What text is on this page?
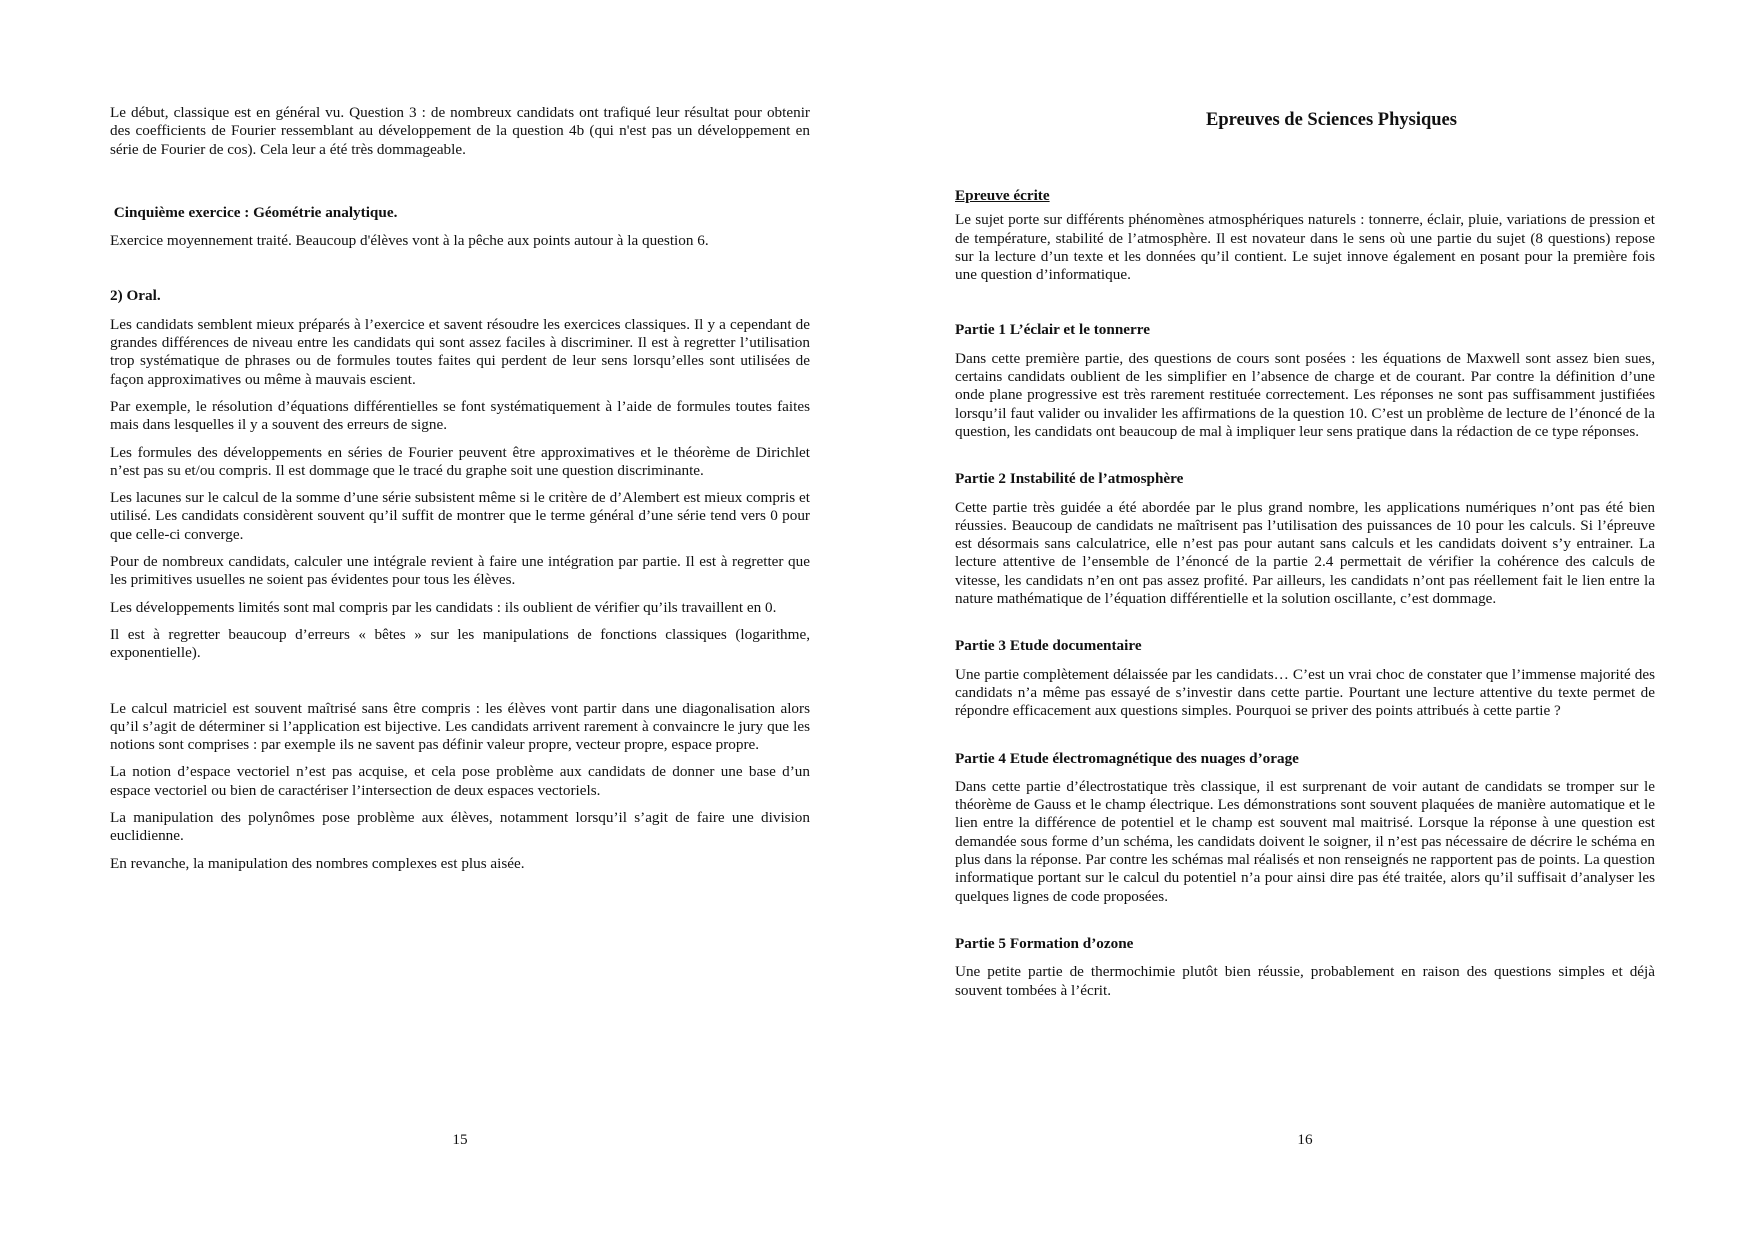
Le début, classique est en général vu. Question 3 : de nombreux candidats ont trafiqué leur résultat pour obtenir des coefficients de Fourier ressemblant au développement de la question 4b (qui n'est pas un développement en série de Fourier de cos). Cela leur a été très dommageable.

Cinquième exercice : Géométrie analytique.

Exercice moyennement traité. Beaucoup d'élèves vont à la pêche aux points autour à la question 6.

2) Oral.

Les candidats semblent mieux préparés à l’exercice et savent résoudre les exercices classiques. Il y a cependant de grandes différences de niveau entre les candidats qui sont assez faciles à discriminer. Il est à regretter l’utilisation trop systématique de phrases ou de formules toutes faites qui perdent de leur sens lorsqu’elles sont utilisées de façon approximatives ou même à mauvais escient.

Par exemple, le résolution d’équations différentielles se font systématiquement à l’aide de formules toutes faites mais dans lesquelles il y a souvent des erreurs de signe.

Les formules des développements en séries de Fourier peuvent être approximatives et le théorème de Dirichlet n’est pas su et/ou compris. Il est dommage que le tracé du graphe soit une question discriminante.

Les lacunes sur le calcul de la somme d’une série subsistent même si le critère de d’Alembert est mieux compris et utilisé. Les candidats considèrent souvent qu’il suffit de montrer que le terme général d’une série tend vers 0 pour que celle-ci converge.

Pour de nombreux candidats, calculer une intégrale revient à faire une intégration par partie. Il est à regretter que les primitives usuelles ne soient pas évidentes pour tous les élèves.

Les développements limités sont mal compris par les candidats : ils oublient de vérifier qu’ils travaillent en 0.

Il est à regretter beaucoup d’erreurs « bêtes » sur les manipulations de fonctions classiques (logarithme, exponentielle).

Le calcul matriciel est souvent maîtrisé sans être compris : les élèves vont partir dans une diagonalisation alors qu’il s’agit de déterminer si l’application est bijective. Les candidats arrivent rarement à convaincre le jury que les notions sont comprises : par exemple ils ne savent pas définir valeur propre, vecteur propre, espace propre.

La notion d’espace vectoriel n’est pas acquise, et cela pose problème aux candidats de donner une base d’un espace vectoriel ou bien de caractériser l’intersection de deux espaces vectoriels.

La manipulation des polynômes pose problème aux élèves, notamment lorsqu’il s’agit de faire une division euclidienne.

En revanche, la manipulation des nombres complexes est plus aisée.

15
Epreuves de Sciences Physiques
Epreuve écrite

Le sujet porte sur différents phénomènes atmosphériques naturels : tonnerre, éclair, pluie, variations de pression et de température, stabilité de l’atmosphère. Il est novateur dans le sens où une partie du sujet (8 questions) repose sur la lecture d’un texte et les données qu’il contient. Le sujet innove également en posant pour la première fois une question d’informatique.

Partie 1 L’éclair et le tonnerre

Dans cette première partie, des questions de cours sont posées : les équations de Maxwell sont assez bien sues, certains candidats oublient de les simplifier en l’absence de charge et de courant. Par contre la définition d’une onde plane progressive est très rarement restituée correctement. Les réponses ne sont pas suffisamment justifiées lorsqu’il faut valider ou invalider les affirmations de la question 10. C’est un problème de lecture de l’énoncé de la question, les candidats ont beaucoup de mal à impliquer leur sens pratique dans la rédaction de ce type réponses.

Partie 2 Instabilité de l’atmosphère

Cette partie très guidée a été abordée par le plus grand nombre, les applications numériques n’ont pas été bien réussies. Beaucoup de candidats ne maîtrisent pas l’utilisation des puissances de 10 pour les calculs. Si l’épreuve est désormais sans calculatrice, elle n’est pas pour autant sans calculs et les candidats doivent s’y entrainer. La lecture attentive de l’ensemble de l’énoncé de la partie 2.4 permettait de vérifier la cohérence des calculs de vitesse, les candidats n’en ont pas assez profité. Par ailleurs, les candidats n’ont pas réellement fait le lien entre la nature mathématique de l’équation différentielle et la solution oscillante, c’est dommage.

Partie 3 Etude documentaire

Une partie complètement délaissée par les candidats… C’est un vrai choc de constater que l’immense majorité des candidats n’a même pas essayé de s’investir dans cette partie. Pourtant une lecture attentive du texte permet de répondre efficacement aux questions simples. Pourquoi se priver des points attribués à cette partie ?

Partie 4 Etude électromagnétique des nuages d’orage

Dans cette partie d’électrostatique très classique, il est surprenant de voir autant de candidats se tromper sur le théorème de Gauss et le champ électrique. Les démonstrations sont souvent plaquées de manière automatique et le lien entre la différence de potentiel et le champ est souvent mal maitrisé. Lorsque la réponse à une question est demandée sous forme d’un schéma, les candidats doivent le soigner, il n’est pas nécessaire de décrire le schéma en plus dans la réponse. Par contre les schémas mal réalisés et non renseignés ne rapportent pas de points. La question informatique portant sur le calcul du potentiel n’a pour ainsi dire pas été traitée, alors qu’il suffisait d’analyser les quelques lignes de code proposées.

Partie 5 Formation d’ozone

Une petite partie de thermochimie plutôt bien réussie, probablement en raison des questions simples et déjà souvent tombées à l’écrit.

16
